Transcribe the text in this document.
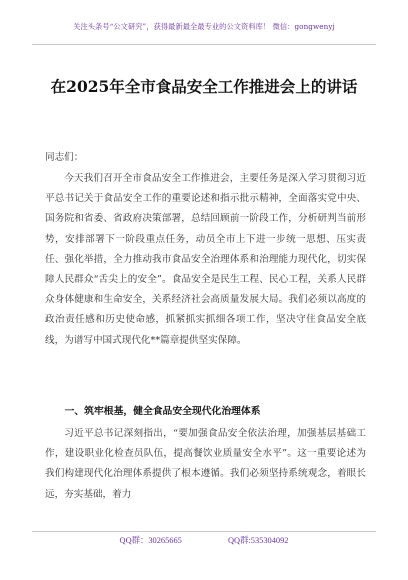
关注头条号“公文研究”，获得最新最全最专业的公文资料库！ 微信：gongwenyj
在2025年全市食品安全工作推进会上的讲话
同志们：
今天我们召开全市食品安全工作推进会，主要任务是深入学习贯彻习近平总书记关于食品安全工作的重要论述和指示批示精神，全面落实党中央、国务院和省委、省政府决策部署，总结回顾前一阶段工作，分析研判当前形势，安排部署下一阶段重点任务，动员全市上下进一步统一思想、压实责任、强化举措，全力推动我市食品安全治理体系和治理能力现代化，切实保障人民群众“舌尖上的安全”。食品安全是民生工程、民心工程，关系人民群众身体健康和生命安全，关系经济社会高质量发展大局。我们必须以高度的政治责任感和历史使命感，抓紧抓实抓细各项工作，坚决守住食品安全底线，为谱写中国式现代化**篇章提供坚实保障。
一、筑牢根基，健全食品安全现代化治理体系
习近平总书记深刻指出，“要加强食品安全依法治理，加强基层基础工作，建设职业化检查员队伍，提高餐饮业质量安全水平”。这一重要论述为我们构建现代化治理体系提供了根本遵循。我们必须坚持系统观念，着眼长远，夯实基础，着力
QQ群：30265665	QQ群:535304092
